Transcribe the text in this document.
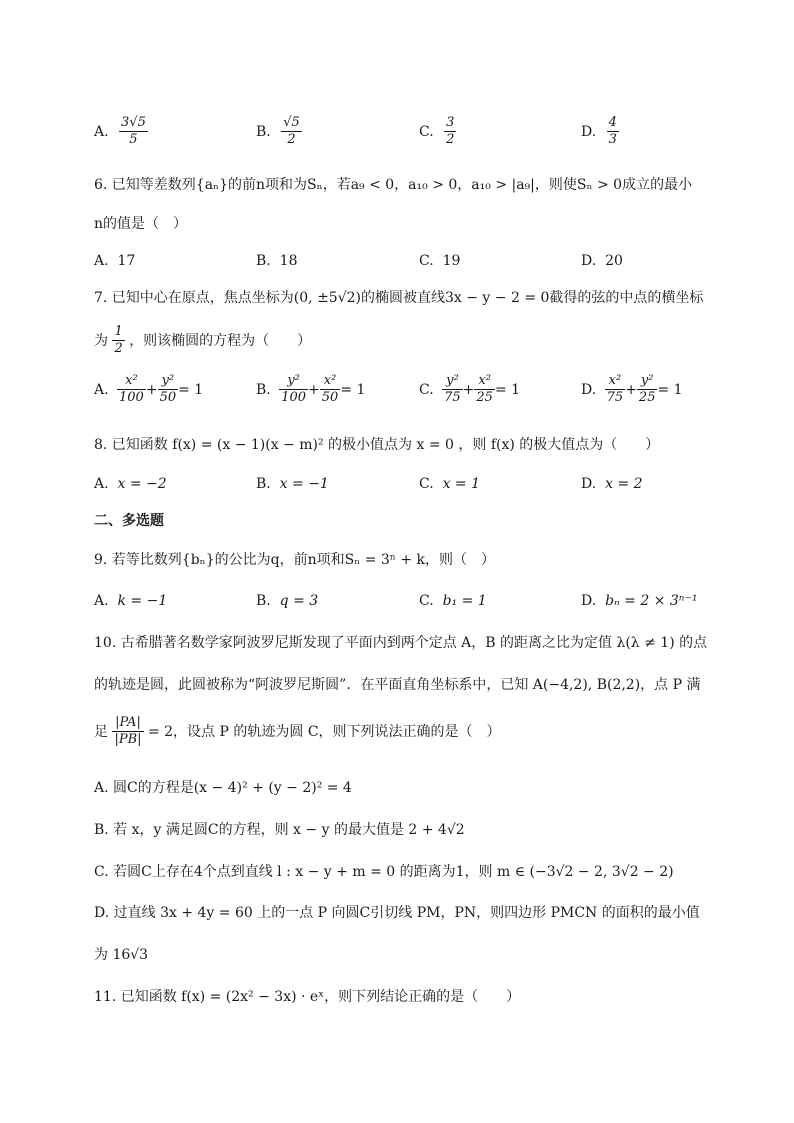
A. $\frac{3√5}{5}$	B. $\frac{√5}{2}$	C. $\frac{3}{2}$	D. $\frac{4}{3}$
6. 已知等差数列{aₙ}的前n项和为Sₙ，若a₉ < 0，a₁₀ > 0，a₁₀ > |a₉|，则使Sₙ > 0成立的最小
n的值是（　）
A. 17	B. 18	C. 19	D. 20
7. 已知中心在原点，焦点坐标为(0, ±5√2)的椭圆被直线3x − y − 2 = 0截得的弦的中点的横坐标
为 $\frac{1}{2}$ ，则该椭圆的方程为（　　）
A. $\frac{\text{x²}}{100} + \frac{\text{y²}}{50} = 1$	B. $\frac{\text{y²}}{100} + \frac{\text{x²}}{50} = 1$	C. $\frac{\text{y²}}{75} + \frac{\text{x²}}{25} = 1$	D. $\frac{\text{x²}}{75} + \frac{\text{y²}}{25} = 1$
8. 已知函数 f(x) = (x − 1)(x − m)² 的极小值点为 x = 0 ，则 f(x) 的极大值点为（　　）
A. x = −2	B. x = −1	C. x = 1	D. x = 2
二、多选题
9. 若等比数列{bₙ}的公比为q，前n项和Sₙ = 3ⁿ + k，则（　）
A. k = −1	B. q = 3	C. b₁ = 1	D. bₙ = 2 × 3ⁿ⁻¹
10. 古希腊著名数学家阿波罗尼斯发现了平面内到两个定点 A，B 的距离之比为定值 λ(λ ≠ 1) 的点
的轨迹是圆，此圆被称为“阿波罗尼斯圆”．在平面直角坐标系中，已知 A(−4,2), B(2,2)，点 P 满
足 $\frac{|PA|}{|PB|} = 2$，设点 P 的轨迹为圆 C，则下列说法正确的是（　）
A. 圆C的方程是(x − 4)² + (y − 2)² = 4
B. 若 x，y 满足圆C的方程，则 x − y 的最大值是 2 + 4√2
C. 若圆C上存在4个点到直线 l : x − y + m = 0 的距离为1，则 m ∈ (−3√2 − 2, 3√2 − 2)
D. 过直线 3x + 4y = 60 上的一点 P 向圆C引切线 PM，PN，则四边形 PMCN 的面积的最小值
为 16√3
11. 已知函数 f(x) = (2x² − 3x) · eˣ，则下列结论正确的是（　　）
